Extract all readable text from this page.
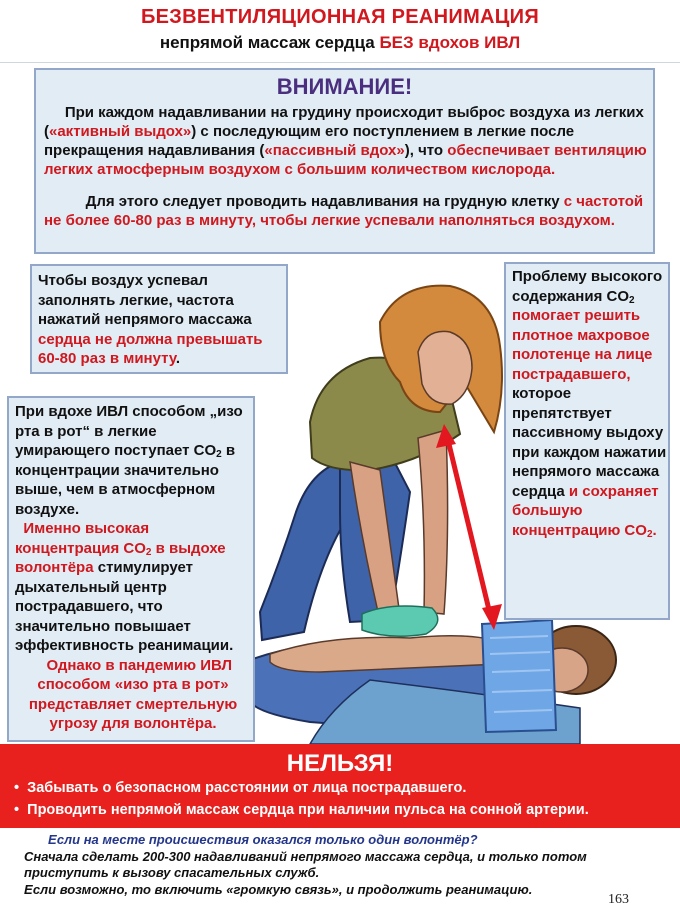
БЕЗВЕНТИЛЯЦИОННАЯ РЕАНИМАЦИЯ
непрямой массаж сердца БЕЗ вдохов ИВЛ
ВНИМАНИЕ!
При каждом надавливании на грудину происходит выброс воздуха из легких («активный выдох») с последующим его поступлением в легкие после прекращения надавливания («пассивный вдох»), что обеспечивает вентиляцию легких атмосферным воздухом с большим количеством кислорода.
Для этого следует проводить надавливания на грудную клетку с частотой не более 60-80 раз в минуту, чтобы легкие успевали наполняться воздухом.
Чтобы воздух успевал заполнять легкие, частота нажатий непрямого массажа сердца не должна превышать 60-80 раз в минуту.
Проблему высокого содержания $CO_2$ помогает решить плотное махровое полотенце на лице пострадавшего, которое препятствует пассивному выдоху при каждом нажатии непрямого массажа сердца и сохраняет большую концентрацию $CO_2$.
При вдохе ИВЛ способом „изо рта в рот“ в легкие умирающего поступает $CO_2$ в концентрации значительно выше, чем в атмосферном воздухе.
Именно высокая концентрация $CO_2$ в выдохе волонтёра стимулирует дыхательный центр пострадавшего, что значительно повышает эффективность реанимации.

Однако в пандемию ИВЛ способом «изо рта в рот» представляет смертельную угрозу для волонтёра.
НЕЛЬЗЯ!
•  Забывать о безопасном расстоянии от лица пострадавшего.
•  Проводить непрямой массаж сердца при наличии пульса на сонной артерии.
Если на месте происшествия оказался только один волонтёр?
Сначала сделать 200-300 надавливаний непрямого массажа сердца, и только потом приступить к вызову спасательных служб.
Если возможно, то включить «громкую связь», и продолжить реанимацию.
163
